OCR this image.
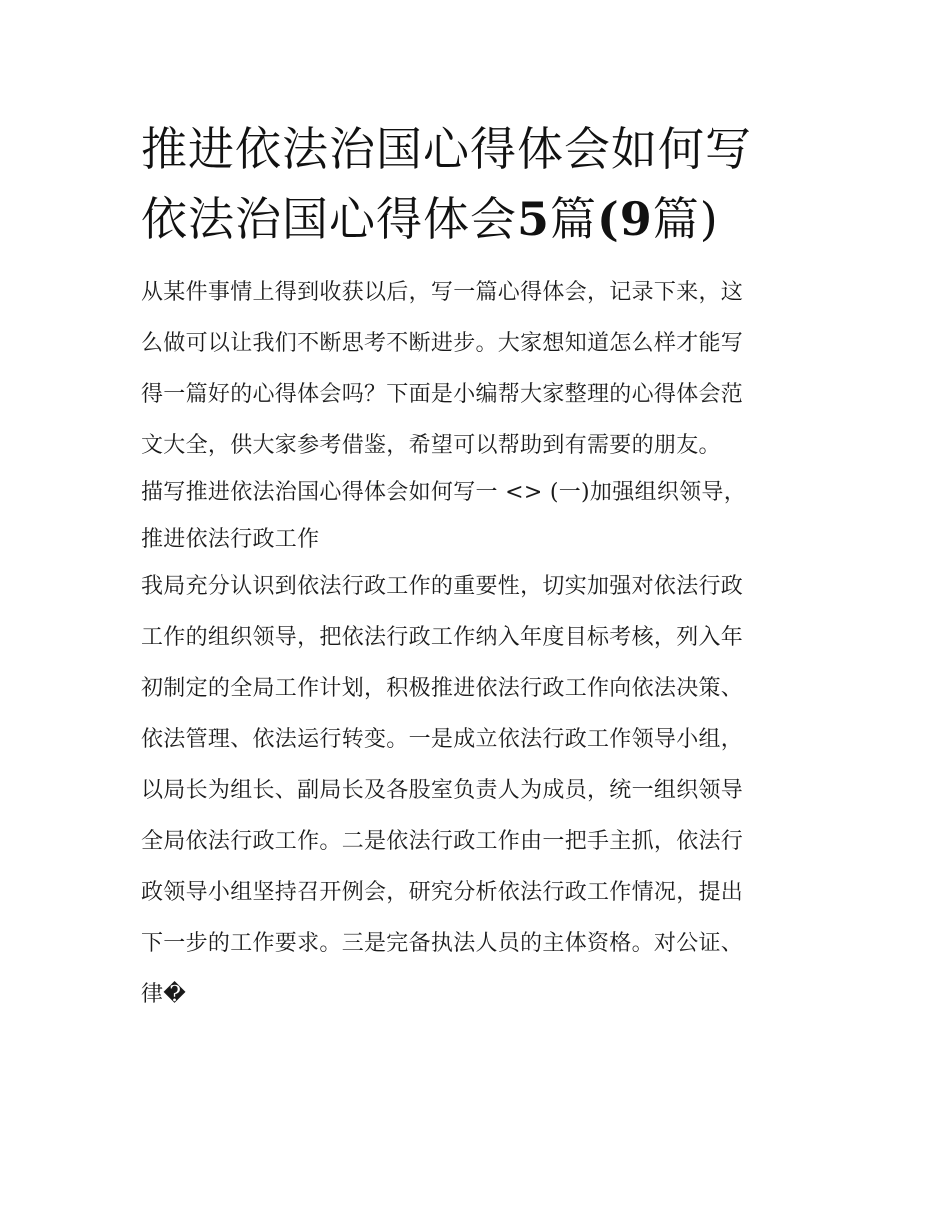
推进依法治国心得体会如何写
依法治国心得体会5篇(9篇)
从某件事情上得到收获以后，写一篇心得体会，记录下来，这
么做可以让我们不断思考不断进步。大家想知道怎么样才能写
得一篇好的心得体会吗？下面是小编帮大家整理的心得体会范
文大全，供大家参考借鉴，希望可以帮助到有需要的朋友。
描写推进依法治国心得体会如何写一 <> (一)加强组织领导，
推进依法行政工作
我局充分认识到依法行政工作的重要性，切实加强对依法行政
工作的组织领导，把依法行政工作纳入年度目标考核，列入年
初制定的全局工作计划，积极推进依法行政工作向依法决策、
依法管理、依法运行转变。一是成立依法行政工作领导小组，
以局长为组长、副局长及各股室负责人为成员，统一组织领导
全局依法行政工作。二是依法行政工作由一把手主抓，依法行
政领导小组坚持召开例会，研究分析依法行政工作情况，提出
下一步的工作要求。三是完备执法人员的主体资格。对公证、
律�
